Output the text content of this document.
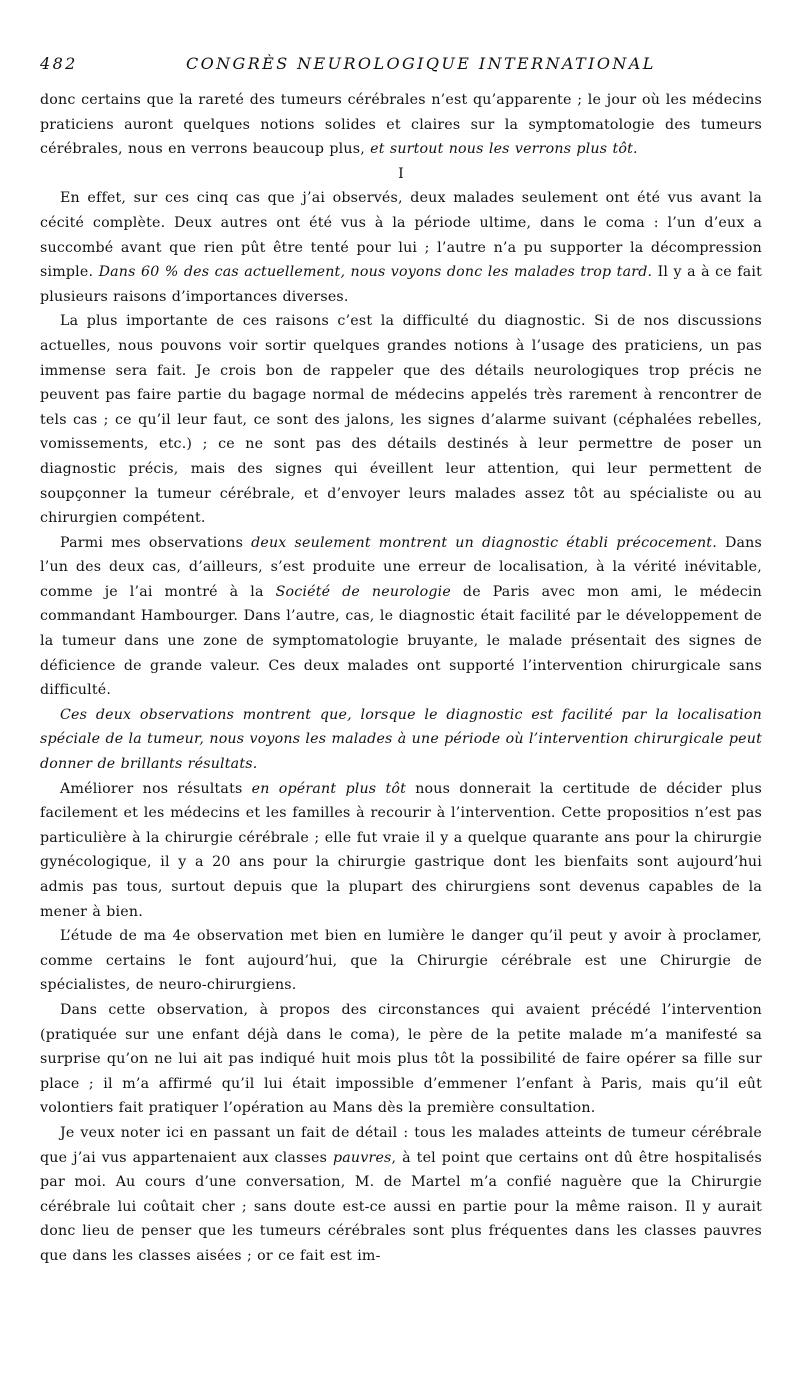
482	CONGRÈS NEUROLOGIQUE INTERNATIONAL

donc certains que la rareté des tumeurs cérébrales n’est qu’apparente ; le jour où les médecins praticiens auront quelques notions solides et claires sur la symptomatologie des tumeurs cérébrales, nous en verrons beaucoup plus, et surtout nous les verrons plus tôt.

I

En effet, sur ces cinq cas que j’ai observés, deux malades seulement ont été vus avant la cécité complète. Deux autres ont été vus à la période ultime, dans le coma : l’un d’eux a succombé avant que rien pût être tenté pour lui ; l’autre n’a pu supporter la décompression simple. Dans 60 % des cas actuellement, nous voyons donc les malades trop tard. Il y a à ce fait plusieurs raisons d’importances diverses.

La plus importante de ces raisons c’est la difficulté du diagnostic. Si de nos discussions actuelles, nous pouvons voir sortir quelques grandes notions à l’usage des praticiens, un pas immense sera fait. Je crois bon de rappeler que des détails neurologiques trop précis ne peuvent pas faire partie du bagage normal de médecins appelés très rarement à rencontrer de tels cas ; ce qu’il leur faut, ce sont des jalons, les signes d’alarme suivant (céphalées rebelles, vomissements, etc.) ; ce ne sont pas des détails destinés à leur permettre de poser un diagnostic précis, mais des signes qui éveillent leur attention, qui leur permettent de soupçonner la tumeur cérébrale, et d’envoyer leurs malades assez tôt au spécialiste ou au chirurgien compétent.

Parmi mes observations deux seulement montrent un diagnostic établi précocement. Dans l’un des deux cas, d’ailleurs, s’est produite une erreur de localisation, à la vérité inévitable, comme je l’ai montré à la Société de neurologie de Paris avec mon ami, le médecin commandant Hambourger. Dans l’autre, cas, le diagnostic était facilité par le développement de la tumeur dans une zone de symptomatologie bruyante, le malade présentait des signes de déficience de grande valeur. Ces deux malades ont supporté l’intervention chirurgicale sans difficulté.

Ces deux observations montrent que, lorsque le diagnostic est facilité par la localisation spéciale de la tumeur, nous voyons les malades à une période où l’intervention chirurgicale peut donner de brillants résultats.

Améliorer nos résultats en opérant plus tôt nous donnerait la certitude de décider plus facilement et les médecins et les familles à recourir à l’intervention. Cette propositios n’est pas particulière à la chirurgie cérébrale ; elle fut vraie il y a quelque quarante ans pour la chirurgie gynécologique, il y a 20 ans pour la chirurgie gastrique dont les bienfaits sont aujourd’hui admis pas tous, surtout depuis que la plupart des chirurgiens sont devenus capables de la mener à bien.

L’étude de ma 4e observation met bien en lumière le danger qu’il peut y avoir à proclamer, comme certains le font aujourd’hui, que la Chirurgie cérébrale est une Chirurgie de spécialistes, de neuro-chirurgiens.

Dans cette observation, à propos des circonstances qui avaient précédé l’intervention (pratiquée sur une enfant déjà dans le coma), le père de la petite malade m’a manifesté sa surprise qu’on ne lui ait pas indiqué huit mois plus tôt la possibilité de faire opérer sa fille sur place ; il m’a affirmé qu’il lui était impossible d’emmener l’enfant à Paris, mais qu’il eût volontiers fait pratiquer l’opération au Mans dès la première consultation.

Je veux noter ici en passant un fait de détail : tous les malades atteints de tumeur cérébrale que j’ai vus appartenaient aux classes pauvres, à tel point que certains ont dû être hospitalisés par moi. Au cours d’une conversation, M. de Martel m’a confié naguère que la Chirurgie cérébrale lui coûtait cher ; sans doute est-ce aussi en partie pour la même raison. Il y aurait donc lieu de penser que les tumeurs cérébrales sont plus fréquentes dans les classes pauvres que dans les classes aisées ; or ce fait est im-
